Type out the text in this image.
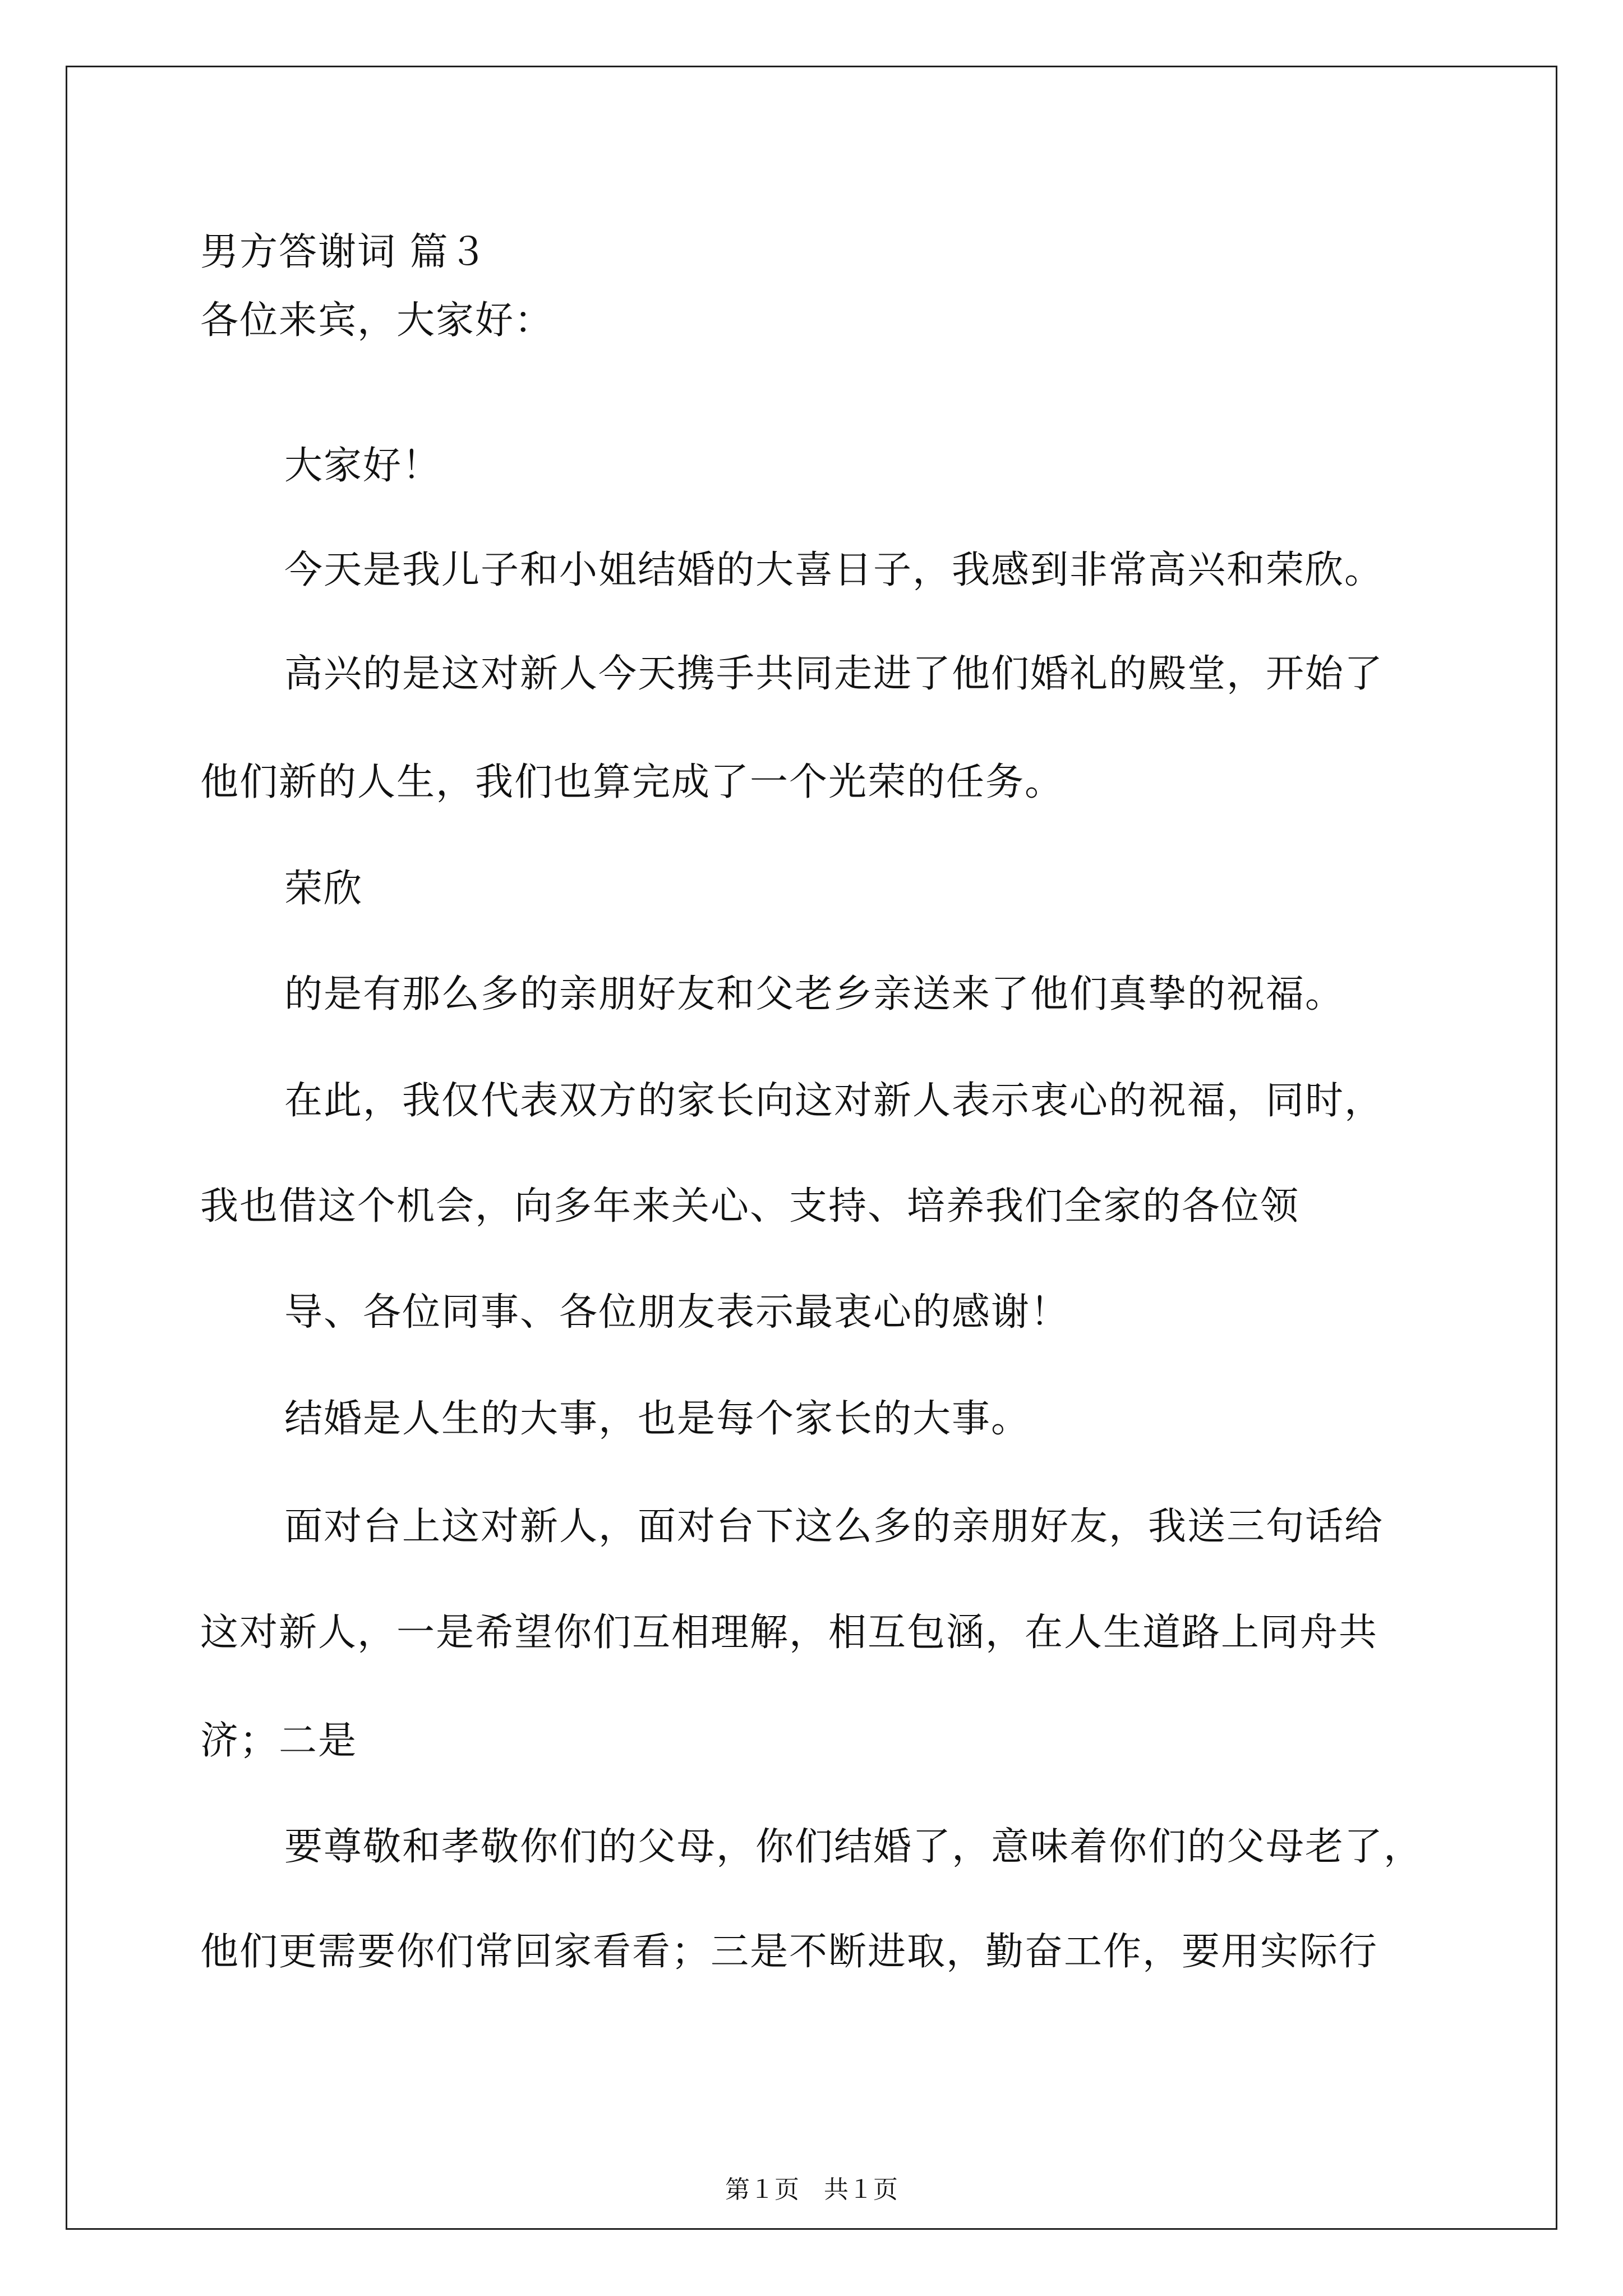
男方答谢词 篇３
各位来宾，大家好：
大家好！
今天是我儿子和小姐结婚的大喜日子，我感到非常高兴和荣欣。
高兴的是这对新人今天携手共同走进了他们婚礼的殿堂，开始了
他们新的人生，我们也算完成了一个光荣的任务。
荣欣
的是有那么多的亲朋好友和父老乡亲送来了他们真挚的祝福。
在此，我仅代表双方的家长向这对新人表示衷心的祝福，同时，
我也借这个机会，向多年来关心、支持、培养我们全家的各位领
导、各位同事、各位朋友表示最衷心的感谢！
结婚是人生的大事，也是每个家长的大事。
面对台上这对新人，面对台下这么多的亲朋好友，我送三句话给
这对新人，一是希望你们互相理解，相互包涵，在人生道路上同舟共
济；二是
要尊敬和孝敬你们的父母，你们结婚了，意味着你们的父母老了，
他们更需要你们常回家看看；三是不断进取，勤奋工作，要用实际行
第１页　共１页
